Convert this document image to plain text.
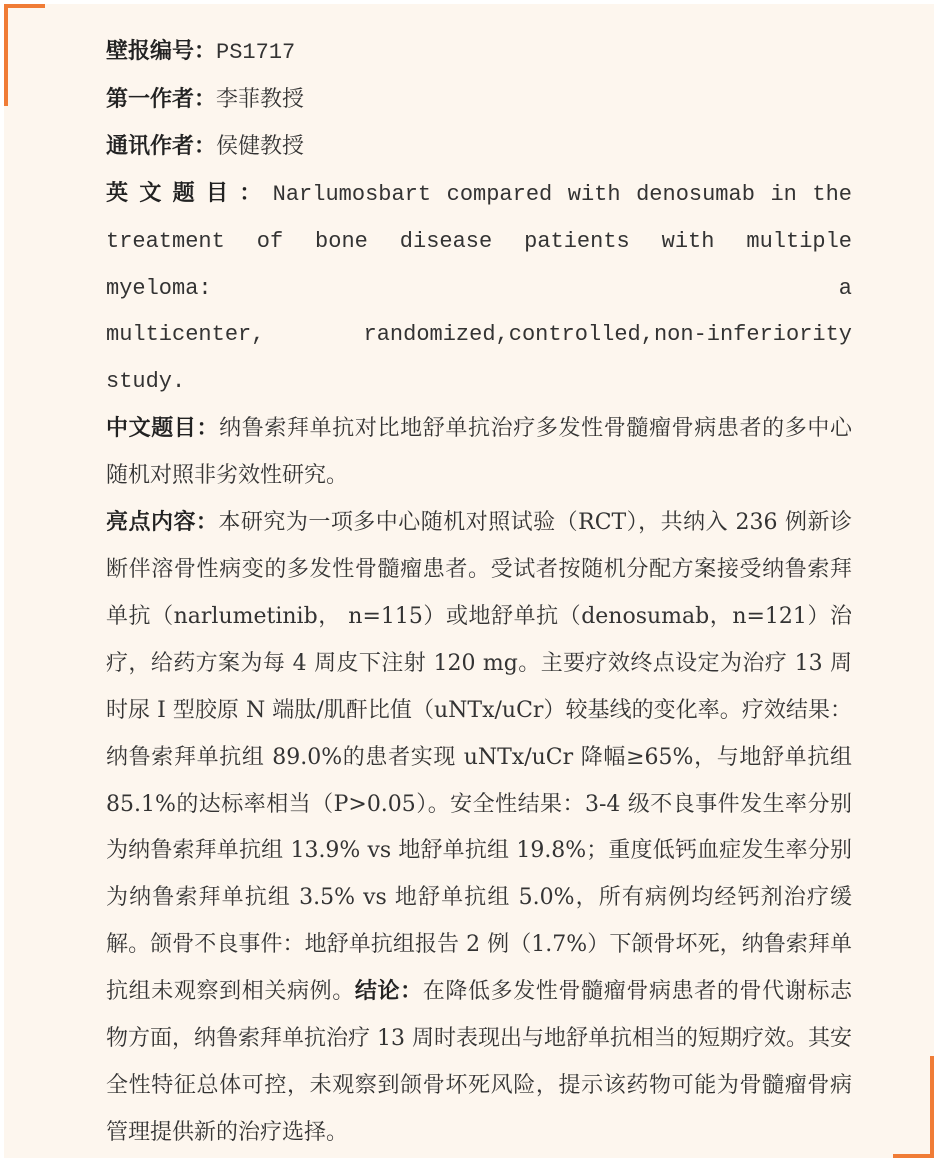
壁报编号：PS1717

第一作者：李菲教授

通讯作者：侯健教授

英文题目：Narlumosbart compared with denosumab in the
treatment of bone disease patients with multiple myeloma: a
multicenter, randomized,controlled,non-inferiority study.

中文题目：纳鲁索拜单抗对比地舒单抗治疗多发性骨髓瘤骨病患者的多中心随机对照非劣效性研究。

亮点内容：本研究为一项多中心随机对照试验（RCT），共纳入 236 例新诊断伴溶骨性病变的多发性骨髓瘤患者。受试者按随机分配方案接受纳鲁索拜单抗（narlumetinib， n=115）或地舒单抗（denosumab，n=121）治疗，给药方案为每 4 周皮下注射 120 mg。主要疗效终点设定为治疗 13 周时尿 I 型胶原 N 端肽/肌酐比值（uNTx/uCr）较基线的变化率。疗效结果：纳鲁索拜单抗组 89.0%的患者实现 uNTx/uCr 降幅≥65%，与地舒单抗组 85.1%的达标率相当（P>0.05）。安全性结果：3-4 级不良事件发生率分别为纳鲁索拜单抗组 13.9% vs 地舒单抗组 19.8%；重度低钙血症发生率分别为纳鲁索拜单抗组 3.5% vs 地舒单抗组 5.0%，所有病例均经钙剂治疗缓解。颌骨不良事件：地舒单抗组报告 2 例（1.7%）下颌骨坏死，纳鲁索拜单抗组未观察到相关病例。结论：在降低多发性骨髓瘤骨病患者的骨代谢标志物方面，纳鲁索拜单抗治疗 13 周时表现出与地舒单抗相当的短期疗效。其安全性特征总体可控，未观察到颌骨坏死风险，提示该药物可能为骨髓瘤骨病管理提供新的治疗选择。
